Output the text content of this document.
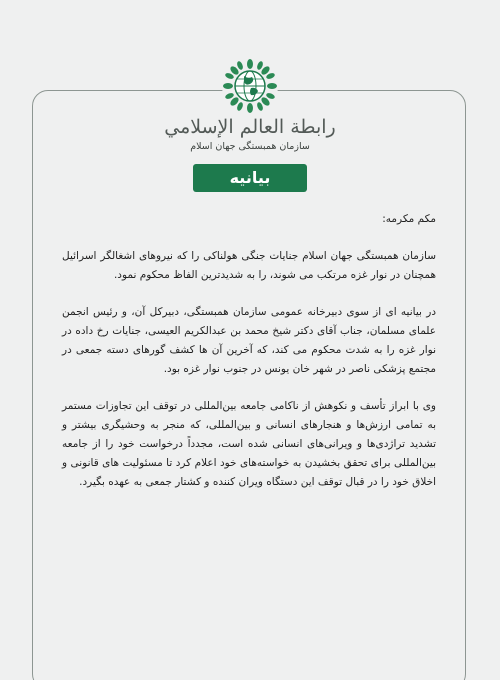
رابطة العالم الإسلامي
سازمان همبستگی جهان اسلام
بیانیه
مکم مکرمه:

سازمان همبستگی جهان اسلام جنایات جنگی هولناکی را که نیروهای اشغالگر اسرائیل همچنان در نوار غزه مرتکب می شوند، را به شدیدترین الفاظ محکوم نمود.

در بیانیه ای از سوی دبیرخانه عمومی سازمان همبستگی، دبیرکل آن، و رئیس انجمن علمای مسلمان، جناب آقای دکتر شیخ محمد بن عبدالکریم العیسی، جنایات رخ داده در نوار غزه را به شدت محکوم می کند، که آخرین آن ها کشف گورهای دسته جمعی در مجتمع پزشکی ناصر در شهر خان یونس در جنوب نوار غزه بود.

وی با ابراز تأسف و نکوهش از ناکامی جامعه بین‌المللی در توقف این تجاوزات مستمر به تمامی ارزش‌ها و هنجارهای انسانی و بین‌المللی، که منجر به وحشیگری بیشتر و تشدید تراژدی‌ها و ویرانی‌های انسانی شده است، مجدداً درخواست خود را از جامعه بین‌المللی برای تحقق بخشیدن به خواسته‌های خود اعلام کرد تا مسئولیت های قانونی و اخلاق خود را در قبال توقف این دستگاه ویران کننده و کشتار جمعی به عهده بگیرد.
